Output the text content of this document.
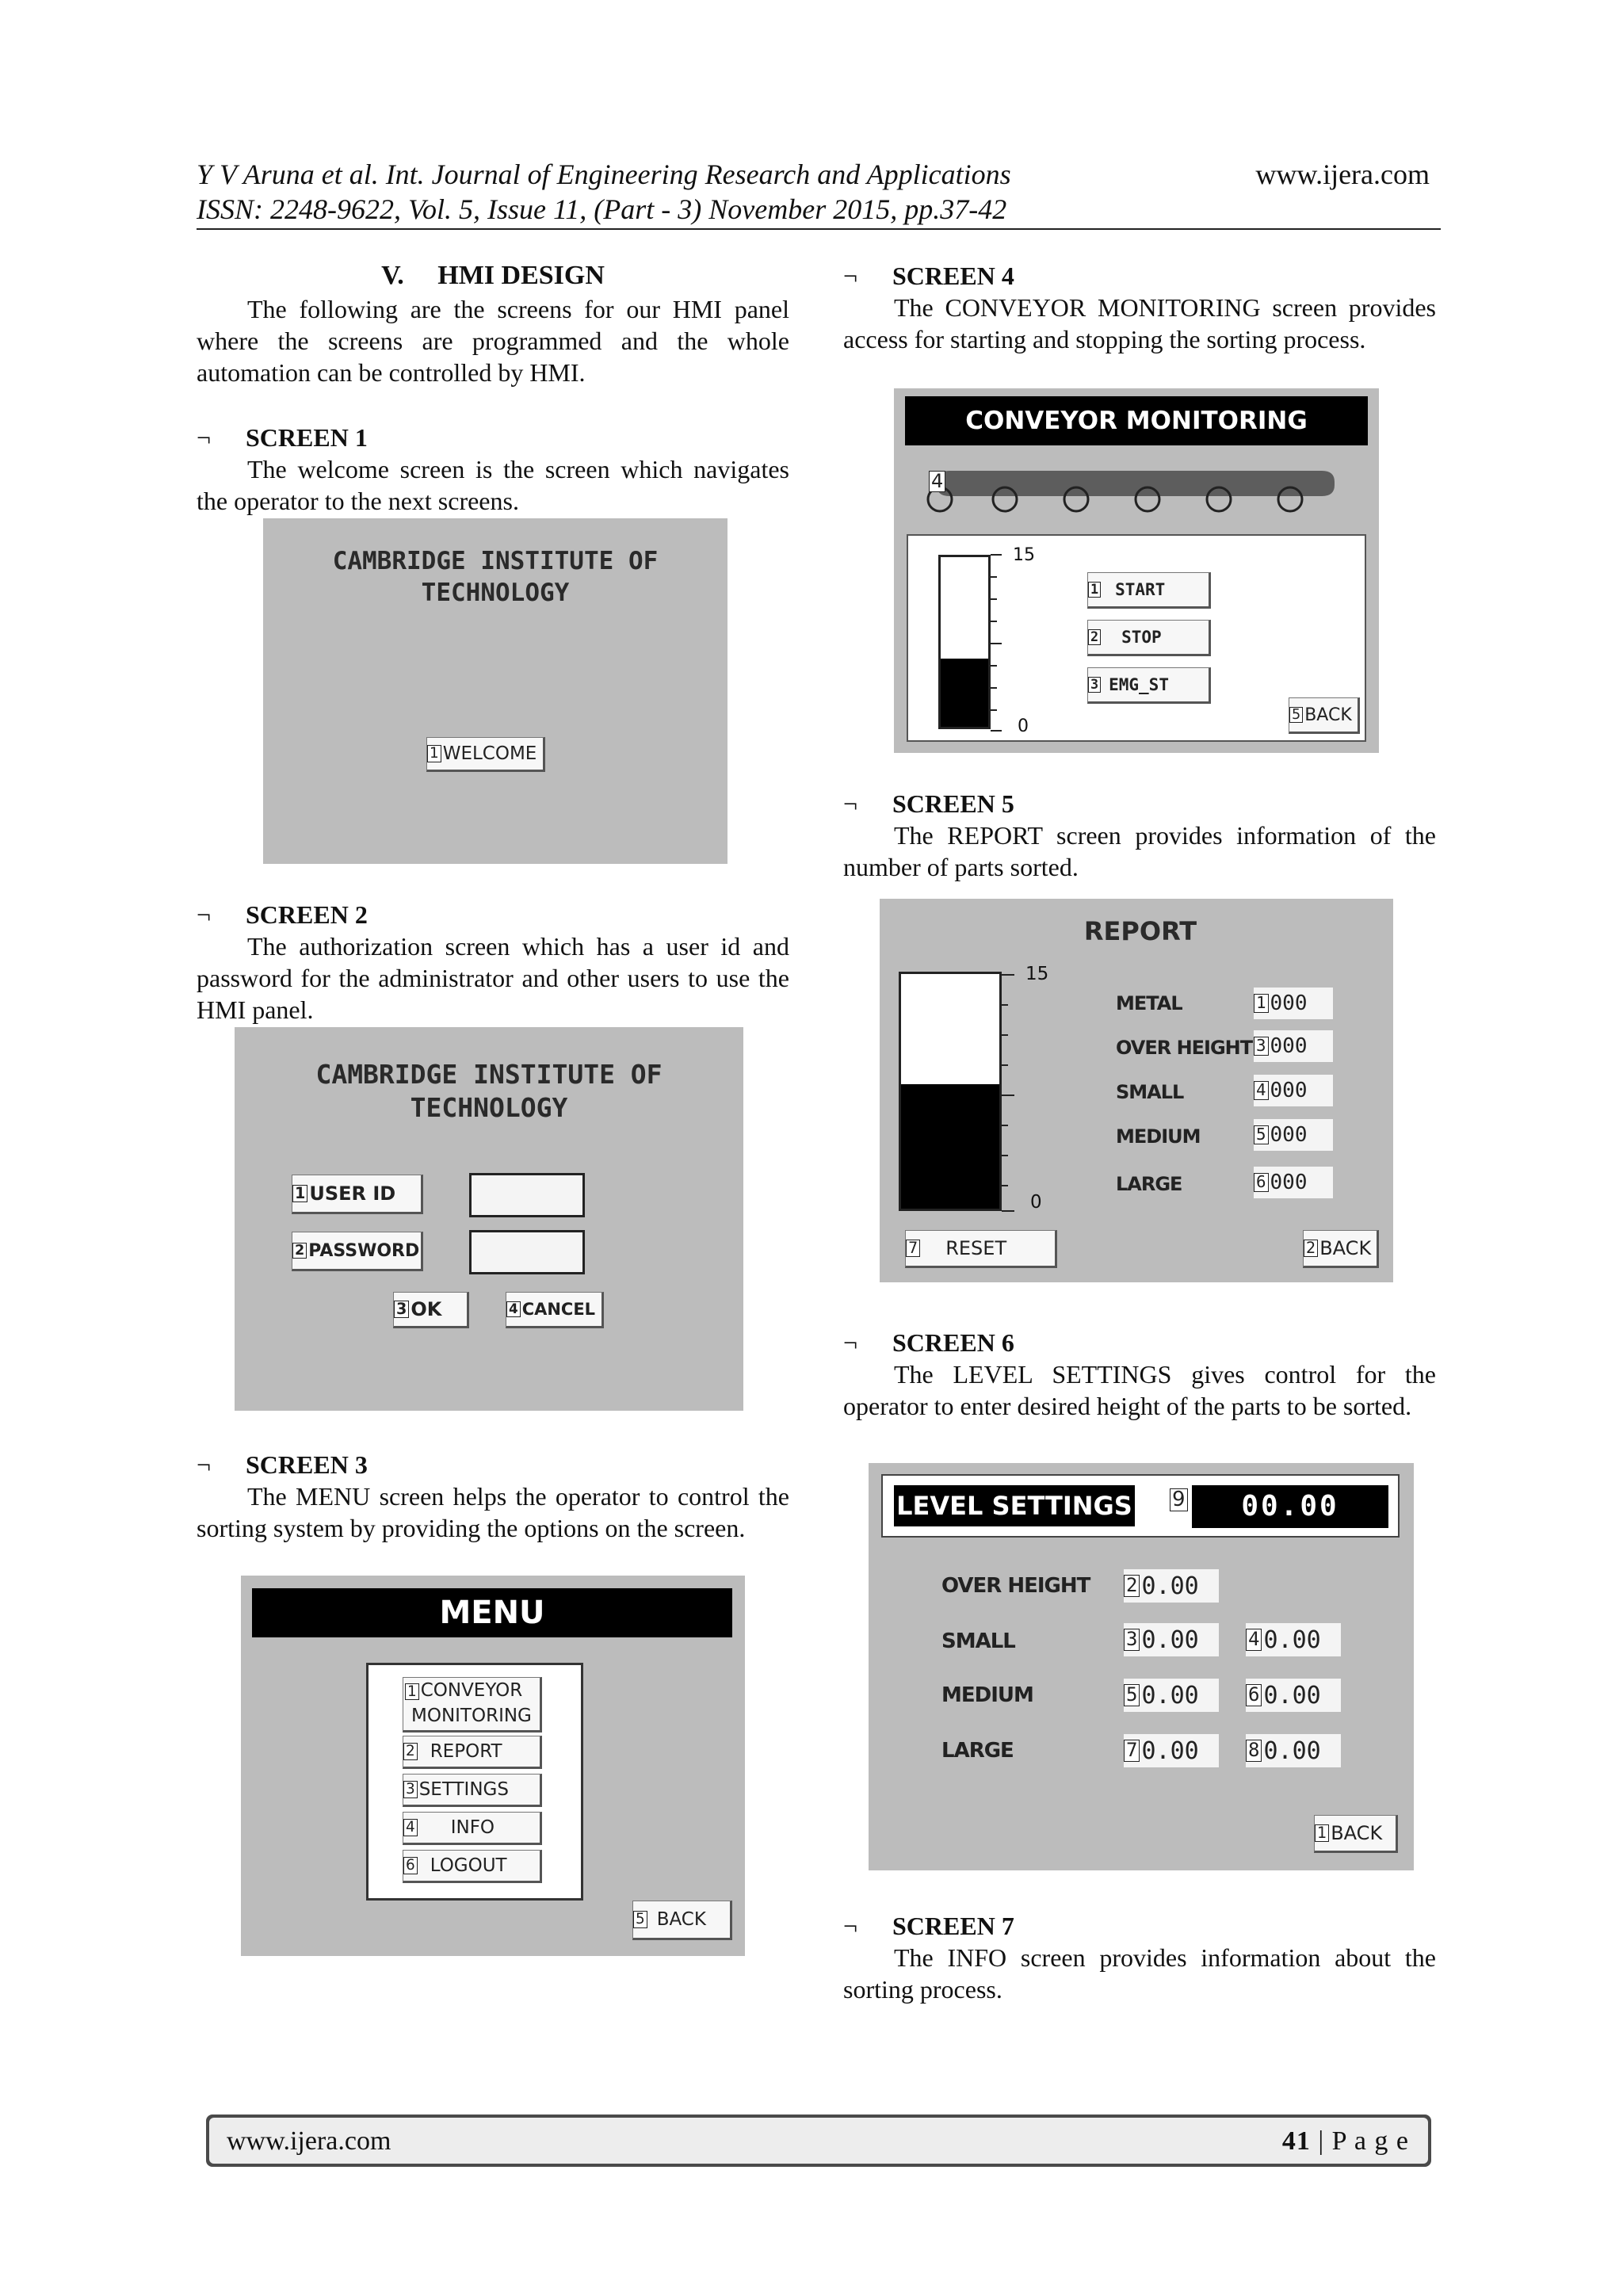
Y V Aruna et al. Int. Journal of Engineering Research and Applications
ISSN: 2248-9622, Vol. 5, Issue 11, (Part - 3) November 2015, pp.37-42
www.ijera.com
V. HMI DESIGN
The following are the screens for our HMI panel where the screens are programmed and the whole automation can be controlled by HMI.
¬ SCREEN 1
The welcome screen is the screen which navigates the operator to the next screens.
CAMBRIDGE INSTITUTE OF
TECHNOLOGY
1 WELCOME
¬ SCREEN 2
The authorization screen which has a user id and password for the administrator and other users to use the HMI panel.
CAMBRIDGE INSTITUTE OF
TECHNOLOGY
1 USER ID
2 PASSWORD
3 OK	4 CANCEL
¬ SCREEN 3
The MENU screen helps the operator to control the sorting system by providing the options on the screen.
MENU
1 CONVEYOR
MONITORING
2 REPORT
3 SETTINGS
4	INFO
6 LOGOUT
5 BACK
¬ SCREEN 4
The CONVEYOR MONITORING screen provides access for starting and stopping the sorting process.
CONVEYOR MONITORING
4
15
0
1	START
2	STOP
3 EMG_ST
5 BACK
¬ SCREEN 5
The REPORT screen provides information of the number of parts sorted.
REPORT
15
0
METAL	1 000
OVER HEIGHT 3 000
SMALL	4 000
MEDIUM	5 000
LARGE	6 000
7	RESET	2 BACK
¬ SCREEN 6
The LEVEL SETTINGS gives control for the operator to enter desired height of the parts to be sorted.
LEVEL SETTINGS 9	00.00
OVER HEIGHT 2 0.00
SMALL	3 0.00	4 0.00
MEDIUM	5 0.00	6 0.00
LARGE	7 0.00	8 0.00
1 BACK
¬ SCREEN 7
The INFO screen provides information about the sorting process.
www.ijera.com	41 | P a g e
